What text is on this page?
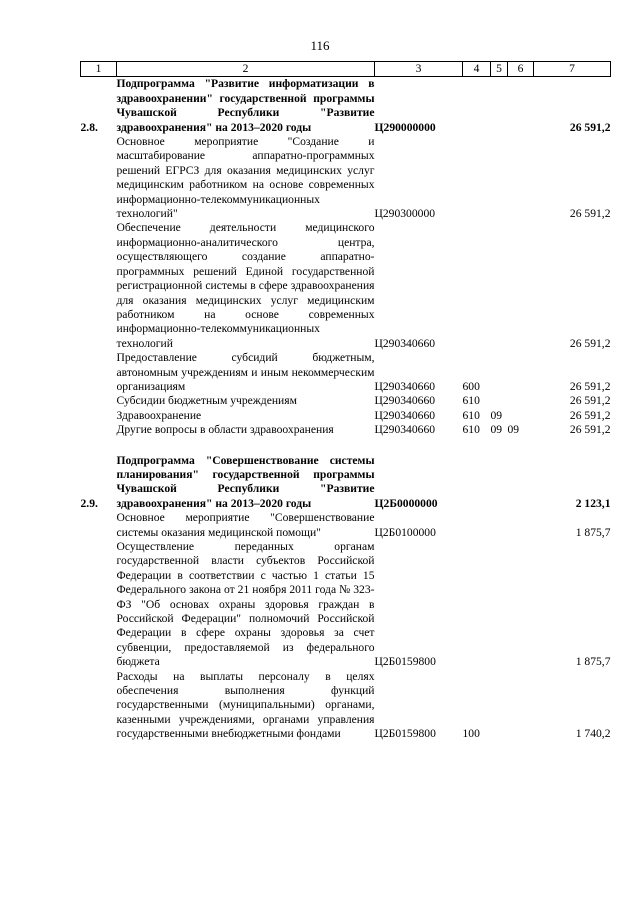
116
1	2	3	4	5	6	7
2.8.	Подпрограмма "Развитие информатизации в здравоохранении" государственной программы Чувашской Республики "Развитие здравоохранения" на 2013–2020 годы	Ц290000000				26 591,2
	Основное мероприятие "Создание и масштабирование аппаратно-программных решений ЕГРСЗ для оказания медицинских услуг медицинским работником на основе современных информационно-телекоммуникационных технологий"	Ц290300000				26 591,2
	Обеспечение деятельности медицинского информационно-аналитического центра, осуществляющего создание аппаратно-программных решений Единой государственной регистрационной системы в сфере здравоохранения для оказания медицинских услуг медицинским работником на основе современных информационно-телекоммуникационных технологий	Ц290340660				26 591,2
	Предоставление субсидий бюджетным, автономным учреждениям и иным некоммерческим организациям	Ц290340660	600			26 591,2
	Субсидии бюджетным учреждениям	Ц290340660	610			26 591,2
	Здравоохранение	Ц290340660	610	09		26 591,2
	Другие вопросы в области здравоохранения	Ц290340660	610	09	09	26 591,2

2.9.	Подпрограмма "Совершенствование системы планирования" государственной программы Чувашской Республики "Развитие здравоохранения" на 2013–2020 годы	Ц2Б0000000				2 123,1
	Основное мероприятие "Совершенствование системы оказания медицинской помощи"	Ц2Б0100000				1 875,7
	Осуществление переданных органам государственной власти субъектов Российской Федерации в соответствии с частью 1 статьи 15 Федерального закона от 21 ноября 2011 года № 323-ФЗ "Об основах охраны здоровья граждан в Российской Федерации" полномочий Российской Федерации в сфере охраны здоровья за счет субвенции, предоставляемой из федерального бюджета	Ц2Б0159800				1 875,7
	Расходы на выплаты персоналу в целях обеспечения выполнения функций государственными (муниципальными) органами, казенными учреждениями, органами управления государственными внебюджетными фондами	Ц2Б0159800	100			1 740,2
